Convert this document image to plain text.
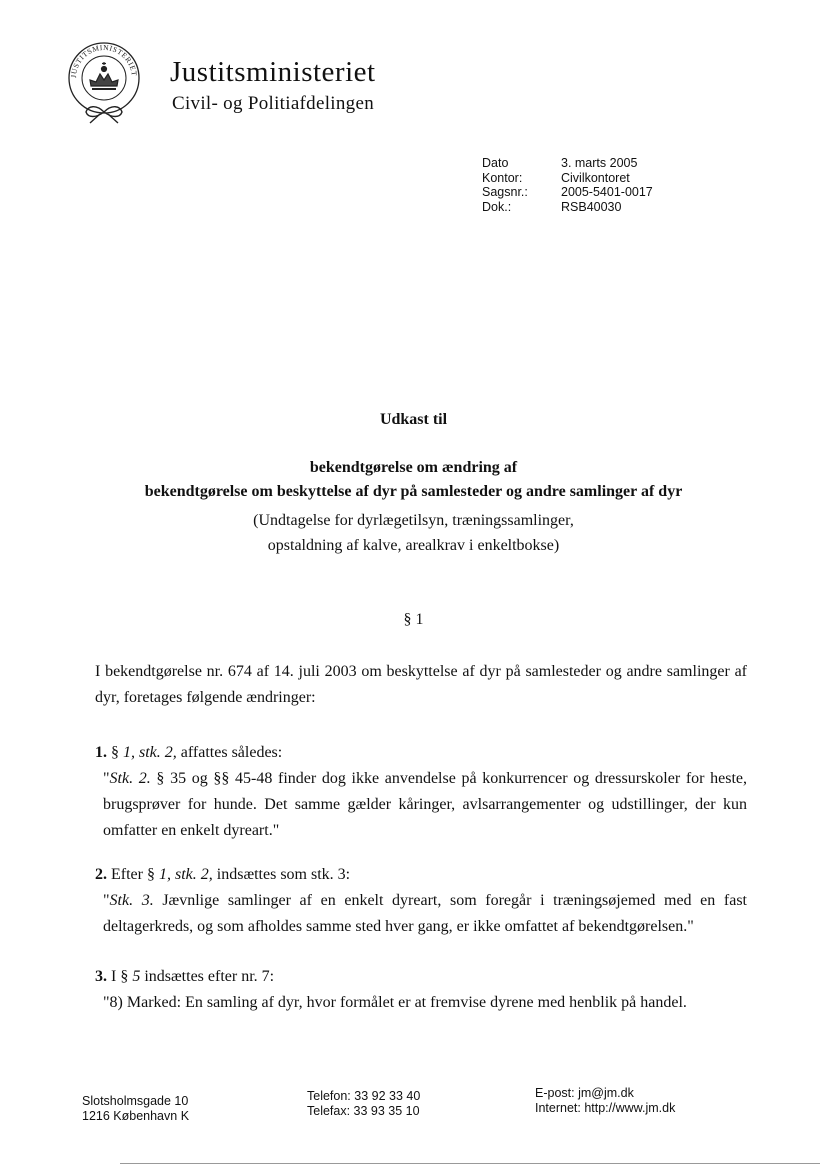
JUSTITSMINISTERIET Justitsministeriet
Civil- og Politiafdelingen
Dato	3. marts 2005
Kontor:	Civilkontoret
Sagsnr.:	2005-5401-0017
Dok.:	RSB40030
Udkast til
bekendtgørelse om ændring af
bekendtgørelse om beskyttelse af dyr på samlesteder og andre samlinger af dyr
(Undtagelse for dyrlægetilsyn, træningssamlinger,
opstaldning af kalve, arealkrav i enkeltbokse)
§ 1
I bekendtgørelse nr. 674 af 14. juli 2003 om beskyttelse af dyr på samlesteder og andre samlinger af dyr, foretages følgende ændringer:
1. § 1, stk. 2, affattes således:
"Stk. 2. § 35 og §§ 45-48 finder dog ikke anvendelse på konkurrencer og dressurskoler for heste, brugsprøver for hunde. Det samme gælder kåringer, avlsarrangementer og udstillinger, der kun omfatter en enkelt dyreart."
2. Efter § 1, stk. 2, indsættes som stk. 3:
"Stk. 3. Jævnlige samlinger af en enkelt dyreart, som foregår i træningsøjemed med en fast deltagerkreds, og som afholdes samme sted hver gang, er ikke omfattet af bekendtgørelsen."
3. I § 5 indsættes efter nr. 7:
"8) Marked: En samling af dyr, hvor formålet er at fremvise dyrene med henblik på handel.
Slotsholmsgade 10
1216 København K
Telefon: 33 92 33 40
Telefax: 33 93 35 10
E-post: jm@jm.dk
Internet: http://www.jm.dk
